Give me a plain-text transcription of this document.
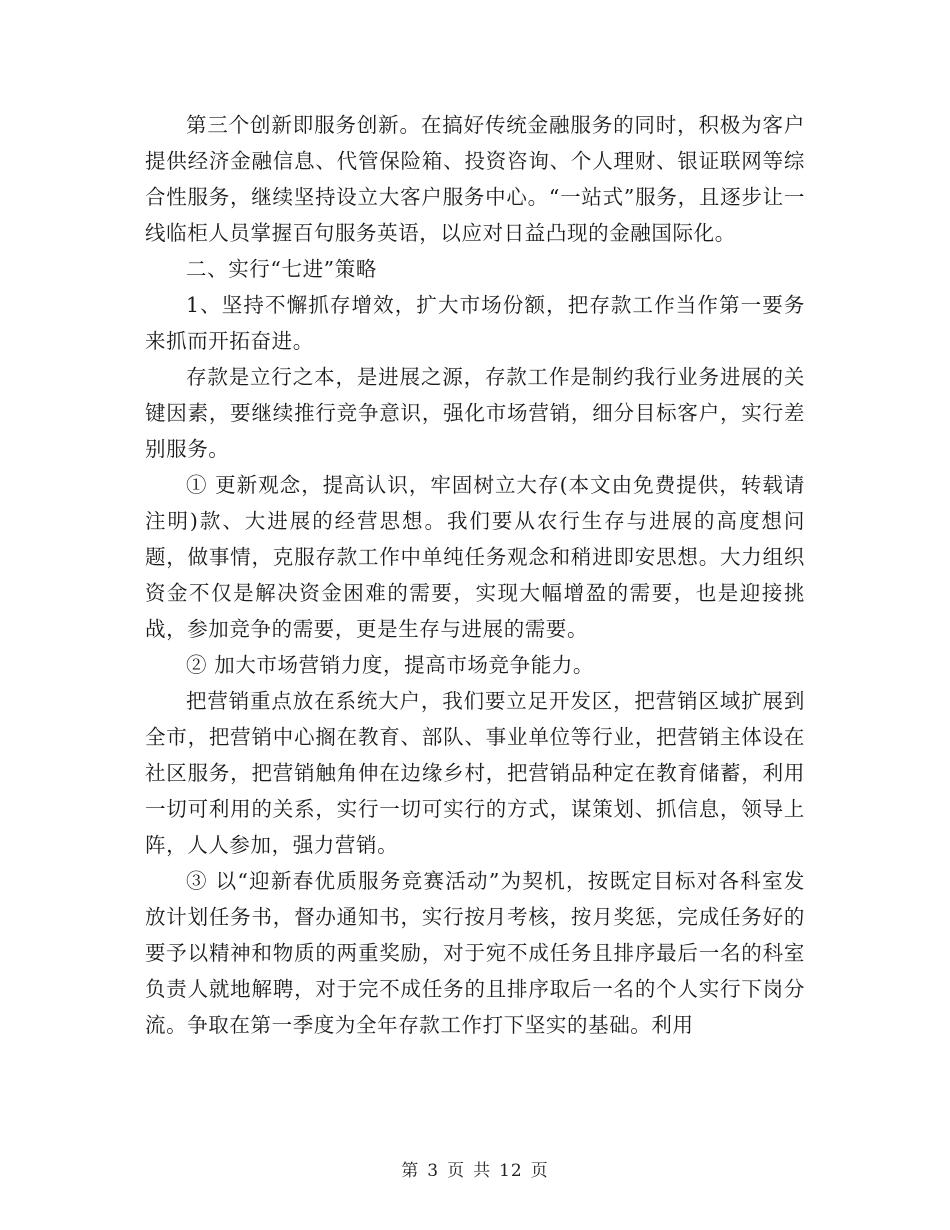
第三个创新即服务创新。在搞好传统金融服务的同时，积极为客户提供经济金融信息、代管保险箱、投资咨询、个人理财、银证联网等综合性服务，继续坚持设立大客户服务中心。“一站式”服务，且逐步让一线临柜人员掌握百句服务英语，以应对日益凸现的金融国际化。

二、实行“七进”策略

1、坚持不懈抓存增效，扩大市场份额，把存款工作当作第一要务来抓而开拓奋进。

存款是立行之本，是进展之源，存款工作是制约我行业务进展的关键因素，要继续推行竞争意识，强化市场营销，细分目标客户，实行差别服务。

① 更新观念，提高认识，牢固树立大存(本文由免费提供，转载请注明)款、大进展的经营思想。我们要从农行生存与进展的高度想问题，做事情，克服存款工作中单纯任务观念和稍进即安思想。大力组织资金不仅是解决资金困难的需要，实现大幅增盈的需要，也是迎接挑战，参加竞争的需要，更是生存与进展的需要。

② 加大市场营销力度，提高市场竞争能力。

把营销重点放在系统大户，我们要立足开发区，把营销区域扩展到全市，把营销中心搁在教育、部队、事业单位等行业，把营销主体设在社区服务，把营销触角伸在边缘乡村，把营销品种定在教育储蓄，利用一切可利用的关系，实行一切可实行的方式，谋策划、抓信息，领导上阵，人人参加，强力营销。

③ 以“迎新春优质服务竞赛活动”为契机，按既定目标对各科室发放计划任务书，督办通知书，实行按月考核，按月奖惩，完成任务好的要予以精神和物质的两重奖励，对于宛不成任务且排序最后一名的科室负责人就地解聘，对于完不成任务的且排序取后一名的个人实行下岗分流。争取在第一季度为全年存款工作打下坚实的基础。利用

第 3 页 共 12 页
